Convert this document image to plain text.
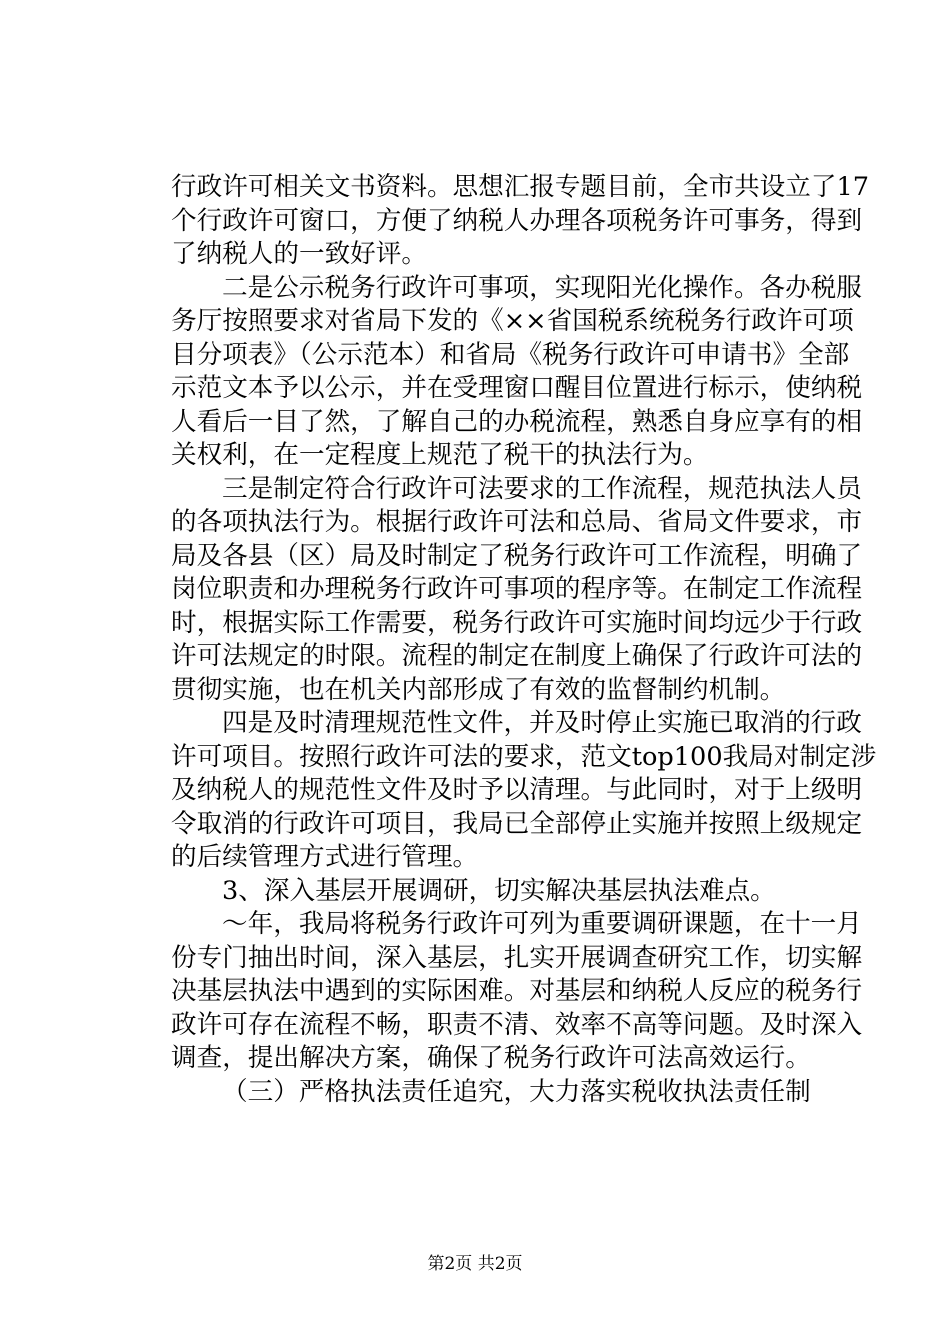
行政许可相关文书资料。思想汇报专题目前，全市共设立了17
个行政许可窗口，方便了纳税人办理各项税务许可事务，得到
了纳税人的一致好评。
二是公示税务行政许可事项，实现阳光化操作。各办税服
务厅按照要求对省局下发的《××省国税系统税务行政许可项
目分项表》（公示范本）和省局《税务行政许可申请书》全部
示范文本予以公示，并在受理窗口醒目位置进行标示，使纳税
人看后一目了然，了解自己的办税流程，熟悉自身应享有的相
关权利，在一定程度上规范了税干的执法行为。
三是制定符合行政许可法要求的工作流程，规范执法人员
的各项执法行为。根据行政许可法和总局、省局文件要求，市
局及各县（区）局及时制定了税务行政许可工作流程，明确了
岗位职责和办理税务行政许可事项的程序等。在制定工作流程
时，根据实际工作需要，税务行政许可实施时间均远少于行政
许可法规定的时限。流程的制定在制度上确保了行政许可法的
贯彻实施，也在机关内部形成了有效的监督制约机制。
四是及时清理规范性文件，并及时停止实施已取消的行政
许可项目。按照行政许可法的要求，范文top100我局对制定涉
及纳税人的规范性文件及时予以清理。与此同时，对于上级明
令取消的行政许可项目，我局已全部停止实施并按照上级规定
的后续管理方式进行管理。
3、深入基层开展调研，切实解决基层执法难点。
～年，我局将税务行政许可列为重要调研课题，在十一月
份专门抽出时间，深入基层，扎实开展调查研究工作，切实解
决基层执法中遇到的实际困难。对基层和纳税人反应的税务行
政许可存在流程不畅，职责不清、效率不高等问题。及时深入
调查，提出解决方案，确保了税务行政许可法高效运行。
（三）严格执法责任追究，大力落实税收执法责任制
第2页 共2页
